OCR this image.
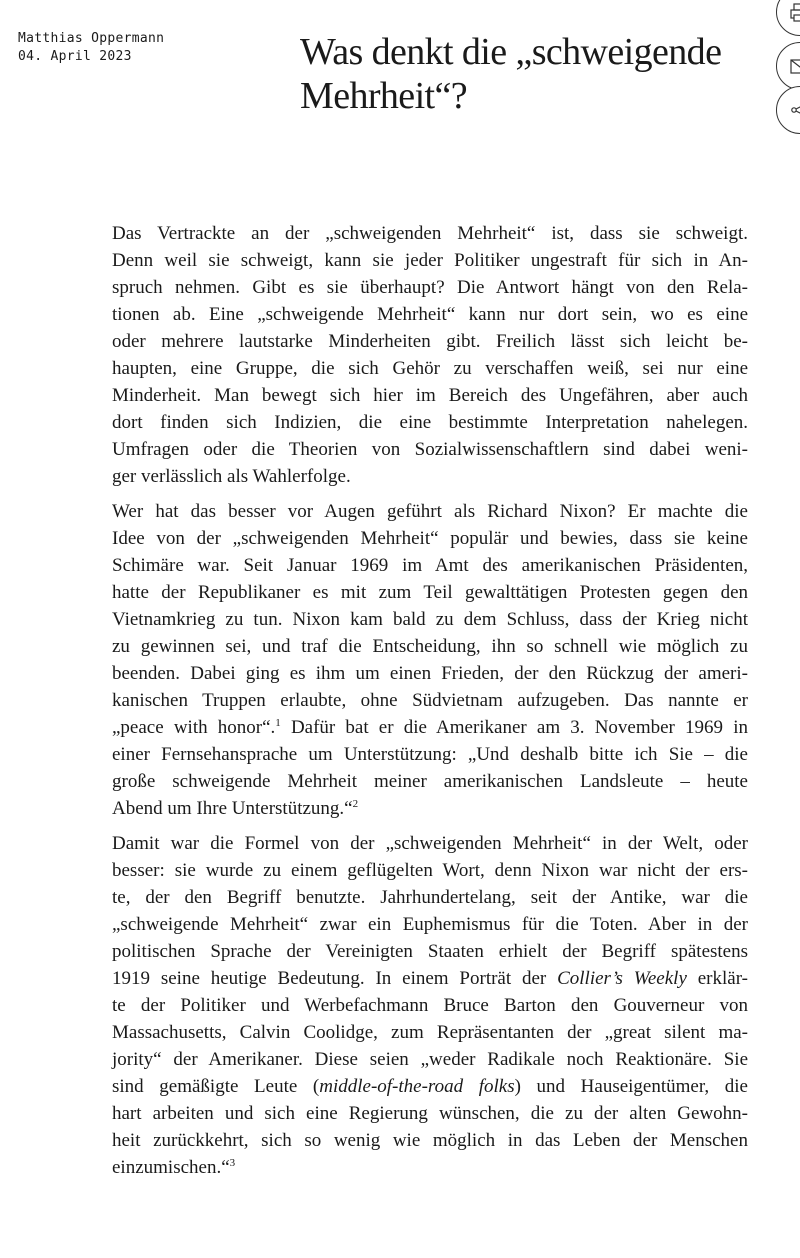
Matthias Oppermann
04. April 2023	Was denkt die „schweigende Mehrheit“?

Das Vertrackte an der „schweigenden Mehrheit“ ist, dass sie schweigt.
Denn weil sie schweigt, kann sie jeder Politiker ungestraft für sich in An-
spruch nehmen. Gibt es sie überhaupt? Die Antwort hängt von den Rela-
tionen ab. Eine „schweigende Mehrheit“ kann nur dort sein, wo es eine
oder mehrere lautstarke Minderheiten gibt. Freilich lässt sich leicht be-
haupten, eine Gruppe, die sich Gehör zu verschaffen weiß, sei nur eine
Minderheit. Man bewegt sich hier im Bereich des Ungefähren, aber auch
dort finden sich Indizien, die eine bestimmte Interpretation nahelegen.
Umfragen oder die Theorien von Sozialwissenschaftlern sind dabei weni-
ger verlässlich als Wahlerfolge.

Wer hat das besser vor Augen geführt als Richard Nixon? Er machte die
Idee von der „schweigenden Mehrheit“ populär und bewies, dass sie keine
Schimäre war. Seit Januar 1969 im Amt des amerikanischen Präsidenten,
hatte der Republikaner es mit zum Teil gewalttätigen Protesten gegen den
Vietnamkrieg zu tun. Nixon kam bald zu dem Schluss, dass der Krieg nicht
zu gewinnen sei, und traf die Entscheidung, ihn so schnell wie möglich zu
beenden. Dabei ging es ihm um einen Frieden, der den Rückzug der ameri-
kanischen Truppen erlaubte, ohne Südvietnam aufzugeben. Das nannte er
„peace with honor“.$^1$ Dafür bat er die Amerikaner am 3. November 1969 in
einer Fernsehansprache um Unterstützung: „Und deshalb bitte ich Sie – die
große schweigende Mehrheit meiner amerikanischen Landsleute – heute
Abend um Ihre Unterstützung.“$^2$

Damit war die Formel von der „schweigenden Mehrheit“ in der Welt, oder
besser: sie wurde zu einem geflügelten Wort, denn Nixon war nicht der ers-
te, der den Begriff benutzte. Jahrhundertelang, seit der Antike, war die
„schweigende Mehrheit“ zwar ein Euphemismus für die Toten. Aber in der
politischen Sprache der Vereinigten Staaten erhielt der Begriff spätestens
1919 seine heutige Bedeutung. In einem Porträt der Collier’s Weekly erklär-
te der Politiker und Werbefachmann Bruce Barton den Gouverneur von
Massachusetts, Calvin Coolidge, zum Repräsentanten der „great silent ma-
jority“ der Amerikaner. Diese seien „weder Radikale noch Reaktionäre. Sie
sind gemäßigte Leute (middle-of-the-road folks) und Hauseigentümer, die
hart arbeiten und sich eine Regierung wünschen, die zu der alten Gewohn-
heit zurückkehrt, sich so wenig wie möglich in das Leben der Menschen
einzumischen.“$^3$
